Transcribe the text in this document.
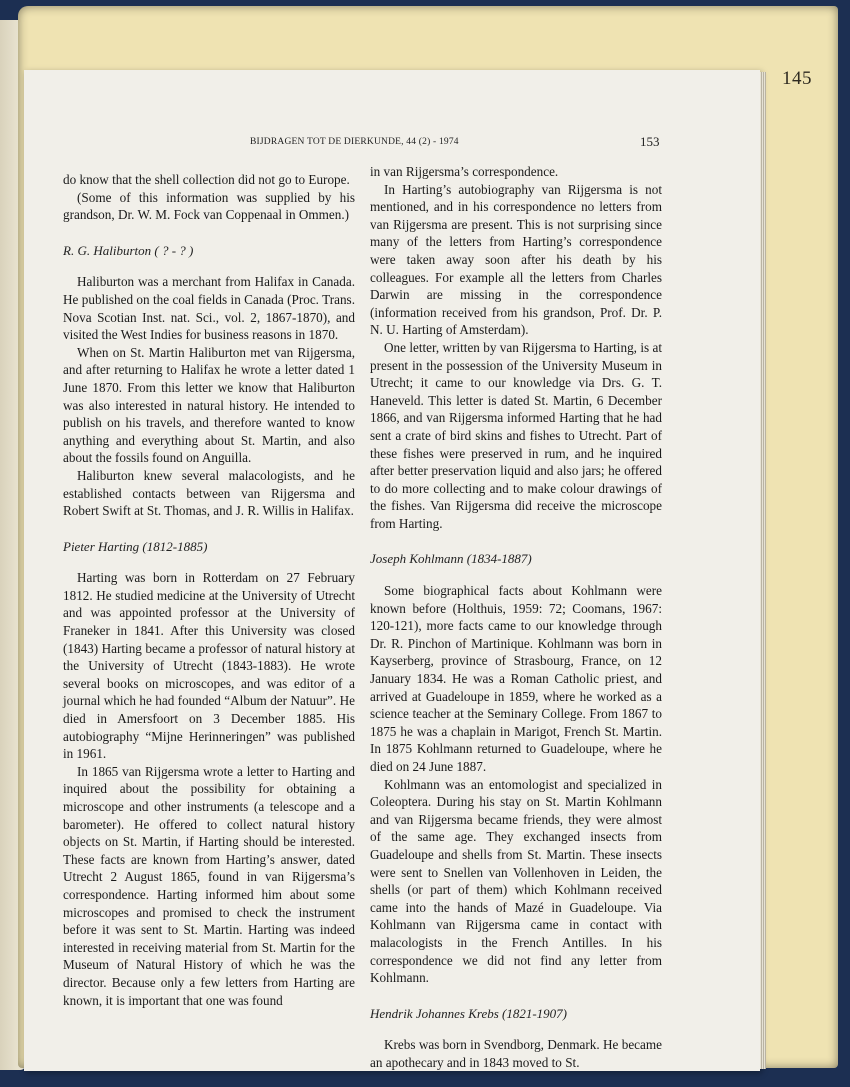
145
BIJDRAGEN TOT DE DIERKUNDE, 44 (2) - 1974	153

do know that the shell collection did not go to Europe.

(Some of this information was supplied by his grandson, Dr. W. M. Fock van Coppenaal in Ommen.)

R. G. Haliburton ( ? - ? )

Haliburton was a merchant from Halifax in Canada. He published on the coal fields in Canada (Proc. Trans. Nova Scotian Inst. nat. Sci., vol. 2, 1867-1870), and visited the West Indies for business reasons in 1870.

When on St. Martin Haliburton met van Rijgersma, and after returning to Halifax he wrote a letter dated 1 June 1870. From this letter we know that Haliburton was also interested in natural history. He intended to publish on his travels, and therefore wanted to know anything and everything about St. Martin, and also about the fossils found on Anguilla.

Haliburton knew several malacologists, and he established contacts between van Rijgersma and Robert Swift at St. Thomas, and J. R. Willis in Halifax.

Pieter Harting (1812-1885)

Harting was born in Rotterdam on 27 February 1812. He studied medicine at the University of Utrecht and was appointed professor at the University of Franeker in 1841. After this University was closed (1843) Harting became a professor of natural history at the University of Utrecht (1843-1883). He wrote several books on microscopes, and was editor of a journal which he had founded “Album der Natuur”. He died in Amersfoort on 3 December 1885. His autobiography “Mijne Herinneringen” was published in 1961.

In 1865 van Rijgersma wrote a letter to Harting and inquired about the possibility for obtaining a microscope and other instruments (a telescope and a barometer). He offered to collect natural history objects on St. Martin, if Harting should be interested. These facts are known from Harting’s answer, dated Utrecht 2 August 1865, found in van Rijgersma’s correspondence. Harting informed him about some microscopes and promised to check the instrument before it was sent to St. Martin. Harting was indeed interested in receiving material from St. Martin for the Museum of Natural History of which he was the director. Because only a few letters from Harting are known, it is important that one was found

in van Rijgersma’s correspondence.

In Harting’s autobiography van Rijgersma is not mentioned, and in his correspondence no letters from van Rijgersma are present. This is not surprising since many of the letters from Harting’s correspondence were taken away soon after his death by his colleagues. For example all the letters from Charles Darwin are missing in the correspondence (information received from his grandson, Prof. Dr. P. N. U. Harting of Amsterdam).

One letter, written by van Rijgersma to Harting, is at present in the possession of the University Museum in Utrecht; it came to our knowledge via Drs. G. T. Haneveld. This letter is dated St. Martin, 6 December 1866, and van Rijgersma informed Harting that he had sent a crate of bird skins and fishes to Utrecht. Part of these fishes were preserved in rum, and he inquired after better preservation liquid and also jars; he offered to do more collecting and to make colour drawings of the fishes. Van Rijgersma did receive the microscope from Harting.

Joseph Kohlmann (1834-1887)

Some biographical facts about Kohlmann were known before (Holthuis, 1959: 72; Coomans, 1967: 120-121), more facts came to our knowledge through Dr. R. Pinchon of Martinique. Kohlmann was born in Kayserberg, province of Strasbourg, France, on 12 January 1834. He was a Roman Catholic priest, and arrived at Guadeloupe in 1859, where he worked as a science teacher at the Seminary College. From 1867 to 1875 he was a chaplain in Marigot, French St. Martin. In 1875 Kohlmann returned to Guadeloupe, where he died on 24 June 1887.

Kohlmann was an entomologist and specialized in Coleoptera. During his stay on St. Martin Kohlmann and van Rijgersma became friends, they were almost of the same age. They exchanged insects from Guadeloupe and shells from St. Martin. These insects were sent to Snellen van Vollenhoven in Leiden, the shells (or part of them) which Kohlmann received came into the hands of Mazé in Guadeloupe. Via Kohlmann van Rijgersma came in contact with malacologists in the French Antilles. In his correspondence we did not find any letter from Kohlmann.

Hendrik Johannes Krebs (1821-1907)

Krebs was born in Svendborg, Denmark. He became an apothecary and in 1843 moved to St.
